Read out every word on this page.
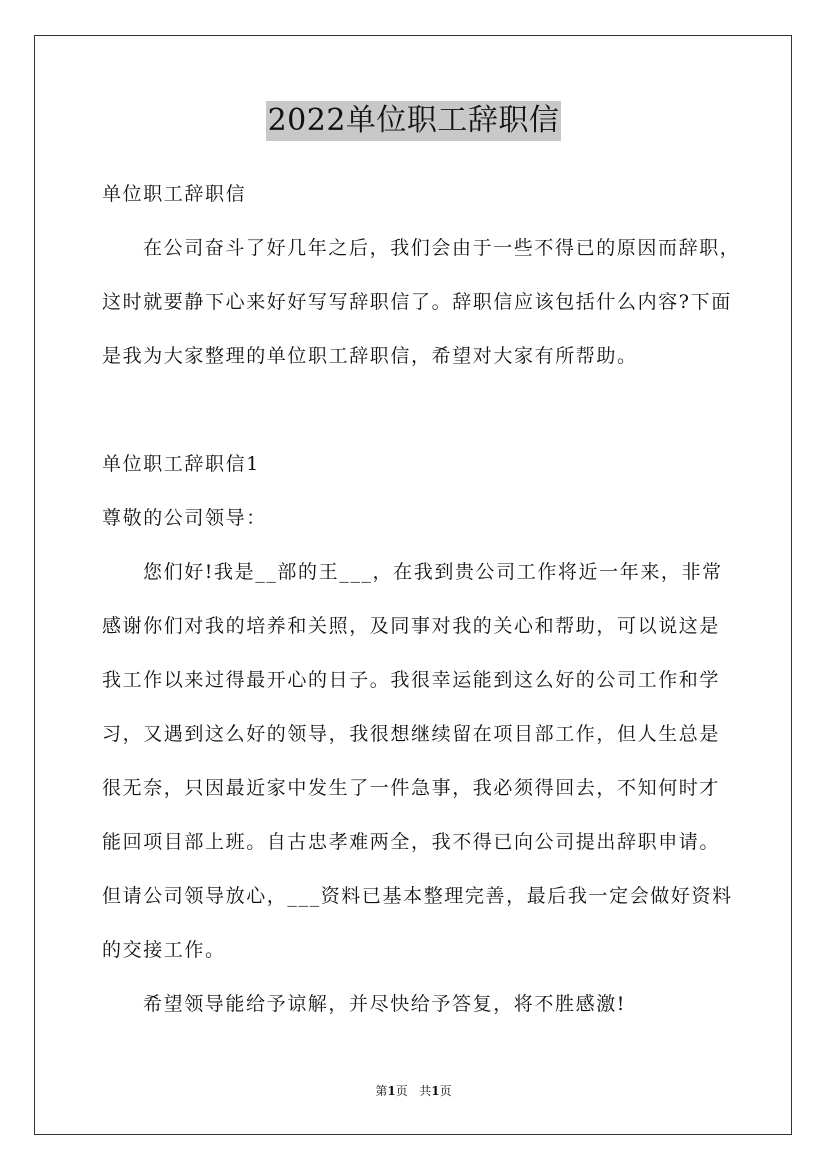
2022单位职工辞职信
单位职工辞职信
在公司奋斗了好几年之后，我们会由于一些不得已的原因而辞职，
这时就要静下心来好好写写辞职信了。辞职信应该包括什么内容?下面
是我为大家整理的单位职工辞职信，希望对大家有所帮助。
单位职工辞职信1
尊敬的公司领导：
您们好!我是__部的王___，在我到贵公司工作将近一年来，非常
感谢你们对我的培养和关照，及同事对我的关心和帮助，可以说这是
我工作以来过得最开心的日子。我很幸运能到这么好的公司工作和学
习，又遇到这么好的领导，我很想继续留在项目部工作，但人生总是
很无奈，只因最近家中发生了一件急事，我必须得回去，不知何时才
能回项目部上班。自古忠孝难两全，我不得已向公司提出辞职申请。
但请公司领导放心，___资料已基本整理完善，最后我一定会做好资料
的交接工作。
希望领导能给予谅解，并尽快给予答复，将不胜感激!
第1页 共1页
